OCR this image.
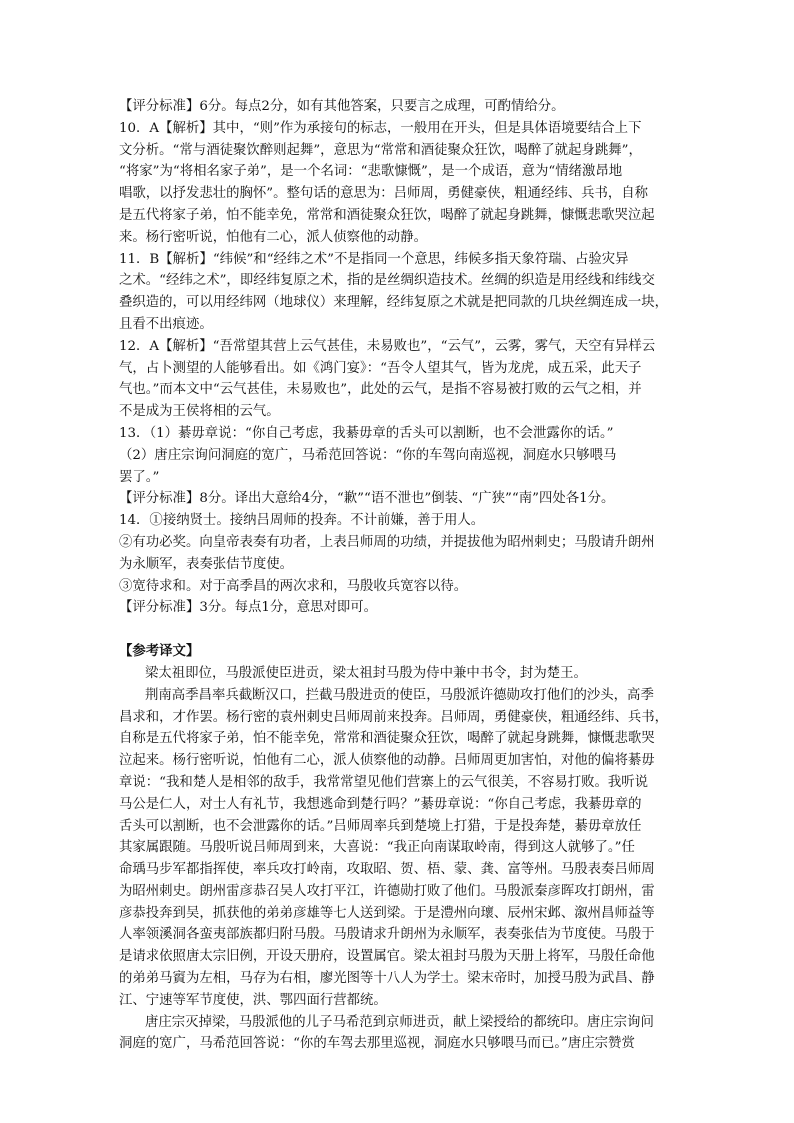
【评分标准】6分。每点2分，如有其他答案，只要言之成理，可酌情给分。
10．A【解析】其中，“则”作为承接句的标志，一般用在开头，但是具体语境要结合上下
文分析。“常与酒徒聚饮醉则起舞”，意思为“常常和酒徒聚众狂饮，喝醉了就起身跳舞”，
“将家”为“将相名家子弟”，是一个名词：“悲歌慷慨”，是一个成语，意为“情绪激昂地
唱歌，以抒发悲壮的胸怀”。整句话的意思为：吕师周，勇健豪侠，粗通经纬、兵书，自称
是五代将家子弟，怕不能幸免，常常和酒徒聚众狂饮，喝醉了就起身跳舞，慷慨悲歌哭泣起
来。杨行密听说，怕他有二心，派人侦察他的动静。
11．B【解析】“纬候”和“经纬之术”不是指同一个意思，纬候多指天象符瑞、占验灾异
之术。“经纬之术”，即经纬复原之术，指的是丝绸织造技术。丝绸的织造是用经线和纬线交
叠织造的，可以用经纬网（地球仪）来理解，经纬复原之术就是把同款的几块丝绸连成一块，
且看不出痕迹。
12．A【解析】“吾常望其营上云气甚佳，未易败也”，“云气”，云雾，雾气，天空有异样云
气，占卜测望的人能够看出。如《鸿门宴》：“吾令人望其气，皆为龙虎，成五采，此天子
气也。”而本文中“云气甚佳，未易败也”，此处的云气，是指不容易被打败的云气之相，并
不是成为王侯将相的云气。
13．（1）綦毋章说：“你自己考虑，我綦毋章的舌头可以割断，也不会泄露你的话。”
（2）唐庄宗询问洞庭的宽广，马希范回答说：“你的车驾向南巡视，洞庭水只够喂马
罢了。”
【评分标准】8分。译出大意给4分，“歉”“语不泄也”倒装、“广狭”“南”四处各1分。
14．①接纳贤士。接纳吕周师的投奔。不计前嫌，善于用人。
②有功必奖。向皇帝表奏有功者，上表吕师周的功绩，并提拔他为昭州刺史；马殷请升朗州
为永顺军，表奏张佶节度使。
③宽待求和。对于高季昌的两次求和，马殷收兵宽容以待。
【评分标准】3分。每点1分，意思对即可。
【参考译文】
梁太祖即位，马殷派使臣进贡，梁太祖封马殷为侍中兼中书令，封为楚王。
荆南高季昌率兵截断汉口，拦截马殷进贡的使臣，马殷派许德勋攻打他们的沙头，高季
昌求和，才作罢。杨行密的袁州刺史吕师周前来投奔。吕师周，勇健豪侠，粗通经纬、兵书，
自称是五代将家子弟，怕不能幸免，常常和酒徒聚众狂饮，喝醉了就起身跳舞，慷慨悲歌哭
泣起来。杨行密听说，怕他有二心，派人侦察他的动静。吕师周更加害怕，对他的偏将綦毋
章说：“我和楚人是相邻的敌手，我常常望见他们营寨上的云气很美，不容易打败。我听说
马公是仁人，对士人有礼节，我想逃命到楚行吗？”綦毋章说：“你自己考虑，我綦毋章的
舌头可以割断，也不会泄露你的话。”吕师周率兵到楚境上打猎，于是投奔楚，綦毋章放任
其家属跟随。马殷听说吕师周到来，大喜说：“我正向南谋取岭南，得到这人就够了。”任
命瑀马步军都指挥使，率兵攻打岭南，攻取昭、贺、梧、蒙、龚、富等州。马殷表奏吕师周
为昭州刺史。朗州雷彦恭召吴人攻打平江，许德勋打败了他们。马殷派秦彦晖攻打朗州，雷
彦恭投奔到吴，抓获他的弟弟彦雄等七人送到梁。于是澧州向瓌、辰州宋邺、溆州昌师益等
人率领溪洞各蛮夷部族都归附马殷。马殷请求升朗州为永顺军，表奏张佶为节度使。马殷于
是请求依照唐太宗旧例，开设天册府，设置属官。梁太祖封马殷为天册上将军，马殷任命他
的弟弟马賨为左相，马存为右相，廖光图等十八人为学士。梁末帝时，加授马殷为武昌、静
江、宁速等军节度使，洪、鄂四面行营都统。
唐庄宗灭掉梁，马殷派他的儿子马希范到京师进贡，献上梁授给的都统印。唐庄宗询问
洞庭的宽广，马希范回答说：“你的车驾去那里巡视，洞庭水只够喂马而已。”唐庄宗赞赏
